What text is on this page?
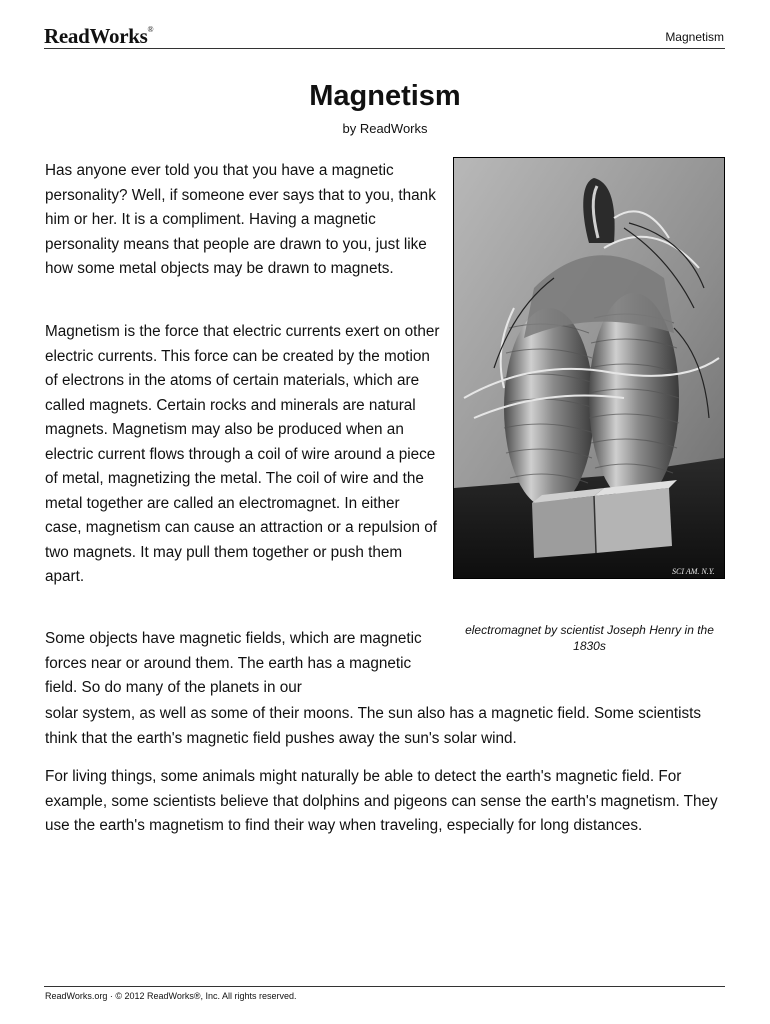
ReadWorks®
Magnetism
Magnetism
by ReadWorks

Has anyone ever told you that you have a magnetic personality? Well, if someone ever says that to you, thank him or her. It is a compliment. Having a magnetic personality means that people are drawn to you, just like how some metal objects may be drawn to magnets.

Magnetism is the force that electric currents exert on other electric currents. This force can be created by the motion of electrons in the atoms of certain materials, which are called magnets. Certain rocks and minerals are natural magnets. Magnetism may also be produced when an electric current flows through a coil of wire around a piece of metal, magnetizing the metal. The coil of wire and the metal together are called an electromagnet. In either case, magnetism can cause an attraction or a repulsion of two magnets. It may pull them together or push them apart.	SCI AM. N.Y.
electromagnet by scientist Joseph Henry in the 1830s

Some objects have magnetic fields, which are magnetic forces near or around them. The earth has a magnetic field. So do many of the planets in our

solar system, as well as some of their moons. The sun also has a magnetic field. Some scientists think that the earth's magnetic field pushes away the sun's solar wind.

For living things, some animals might naturally be able to detect the earth's magnetic field. For example, some scientists believe that dolphins and pigeons can sense the earth's magnetism. They use the earth's magnetism to find their way when traveling, especially for long distances.

ReadWorks.org · © 2012 ReadWorks®, Inc. All rights reserved.
